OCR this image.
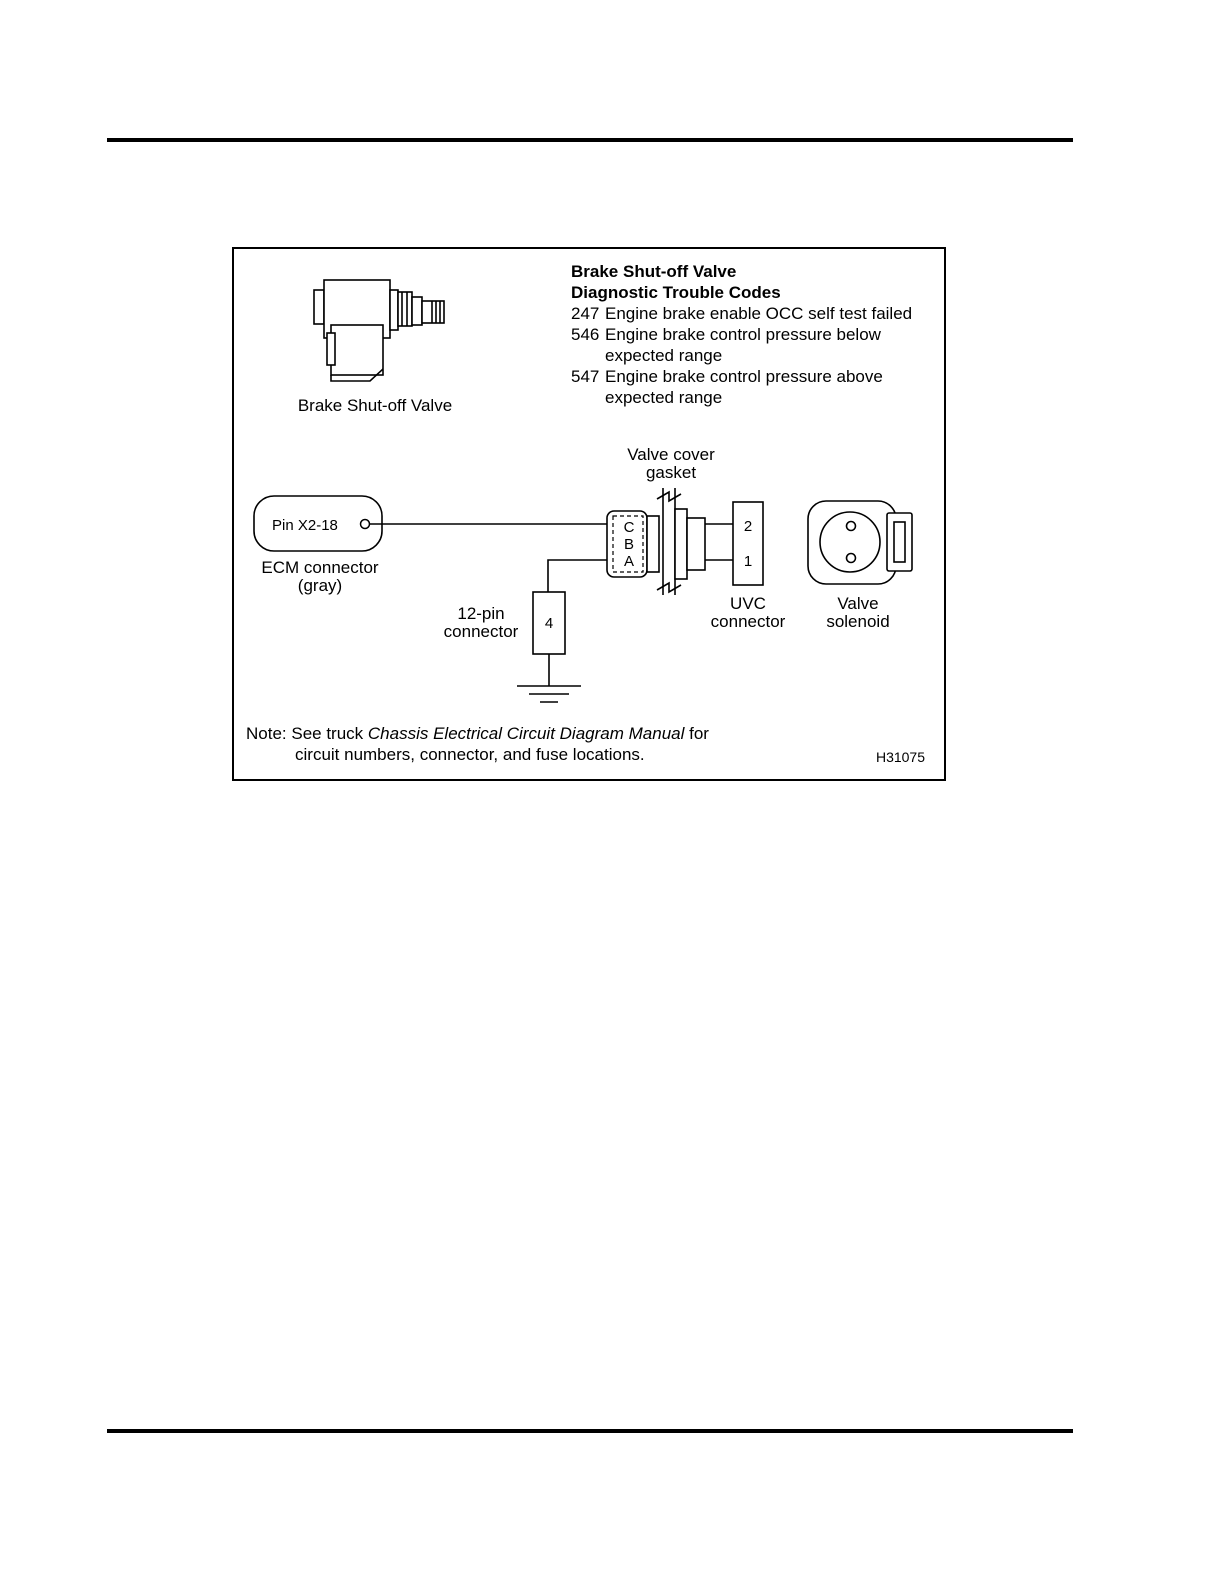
Brake Shut-off Valve
Brake Shut-off Valve
Diagnostic Trouble Codes
247 Engine brake enable OCC self test failed
546 Engine brake control pressure below
expected range
547 Engine brake control pressure above
expected range
Pin X2-18
ECM connector
(gray)
4
12-pin
connector
Valve cover
gasket
C
B
A
2
1
UVC
connector
Valve
solenoid
Note: See truck Chassis Electrical Circuit Diagram Manual for
circuit numbers, connector, and fuse locations.	H31075
